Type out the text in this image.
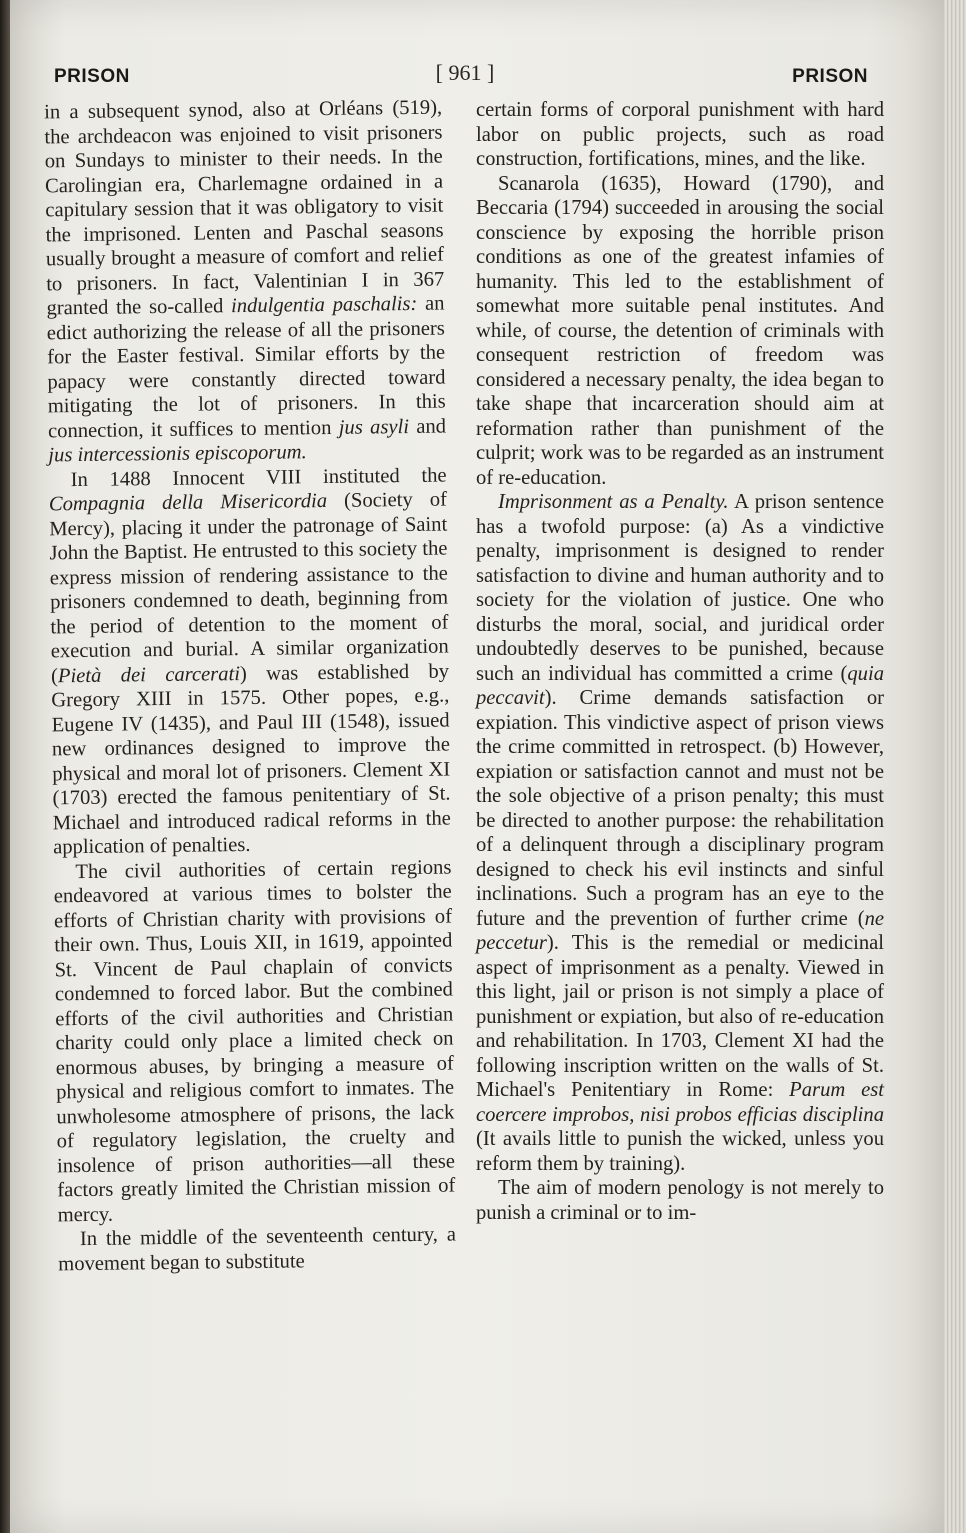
PRISON	[ 961 ]	PRISON

in a subsequent synod, also at Orléans (519), the archdeacon was enjoined to visit prisoners on Sundays to minister to their needs. In the Carolingian era, Charlemagne ordained in a capitulary session that it was obligatory to visit the imprisoned. Lenten and Paschal seasons usually brought a measure of comfort and relief to prisoners. In fact, Valentinian I in 367 granted the so-called indulgentia paschalis: an edict authorizing the release of all the prisoners for the Easter festival. Similar efforts by the papacy were constantly directed toward mitigating the lot of prisoners. In this connection, it suffices to mention jus asyli and jus intercessionis episcoporum.

In 1488 Innocent VIII instituted the Compagnia della Misericordia (Society of Mercy), placing it under the patronage of Saint John the Baptist. He entrusted to this society the express mission of rendering assistance to the prisoners condemned to death, beginning from the period of detention to the moment of execution and burial. A similar organization (Pietà dei carcerati) was established by Gregory XIII in 1575. Other popes, e.g., Eugene IV (1435), and Paul III (1548), issued new ordinances designed to improve the physical and moral lot of prisoners. Clement XI (1703) erected the famous penitentiary of St. Michael and introduced radical reforms in the application of penalties.

The civil authorities of certain regions endeavored at various times to bolster the efforts of Christian charity with provisions of their own. Thus, Louis XII, in 1619, appointed St. Vincent de Paul chaplain of convicts condemned to forced labor. But the combined efforts of the civil authorities and Christian charity could only place a limited check on enormous abuses, by bringing a measure of physical and religious comfort to inmates. The unwholesome atmosphere of prisons, the lack of regulatory legislation, the cruelty and insolence of prison authorities—all these factors greatly limited the Christian mission of mercy.

In the middle of the seventeenth century, a movement began to substitute

certain forms of corporal punishment with hard labor on public projects, such as road construction, fortifications, mines, and the like.

Scanarola (1635), Howard (1790), and Beccaria (1794) succeeded in arousing the social conscience by exposing the horrible prison conditions as one of the greatest infamies of humanity. This led to the establishment of somewhat more suitable penal institutes. And while, of course, the detention of criminals with consequent restriction of freedom was considered a necessary penalty, the idea began to take shape that incarceration should aim at reformation rather than punishment of the culprit; work was to be regarded as an instrument of re-education.

Imprisonment as a Penalty. A prison sentence has a twofold purpose: (a) As a vindictive penalty, imprisonment is designed to render satisfaction to divine and human authority and to society for the violation of justice. One who disturbs the moral, social, and juridical order undoubtedly deserves to be punished, because such an individual has committed a crime (quia peccavit). Crime demands satisfaction or expiation. This vindictive aspect of prison views the crime committed in retrospect. (b) However, expiation or satisfaction cannot and must not be the sole objective of a prison penalty; this must be directed to another purpose: the rehabilitation of a delinquent through a disciplinary program designed to check his evil instincts and sinful inclinations. Such a program has an eye to the future and the prevention of further crime (ne peccetur). This is the remedial or medicinal aspect of imprisonment as a penalty. Viewed in this light, jail or prison is not simply a place of punishment or expiation, but also of re-education and rehabilitation. In 1703, Clement XI had the following inscription written on the walls of St. Michael's Penitentiary in Rome: Parum est coercere improbos, nisi probos efficias disciplina (It avails little to punish the wicked, unless you reform them by training).

The aim of modern penology is not merely to punish a criminal or to im-
